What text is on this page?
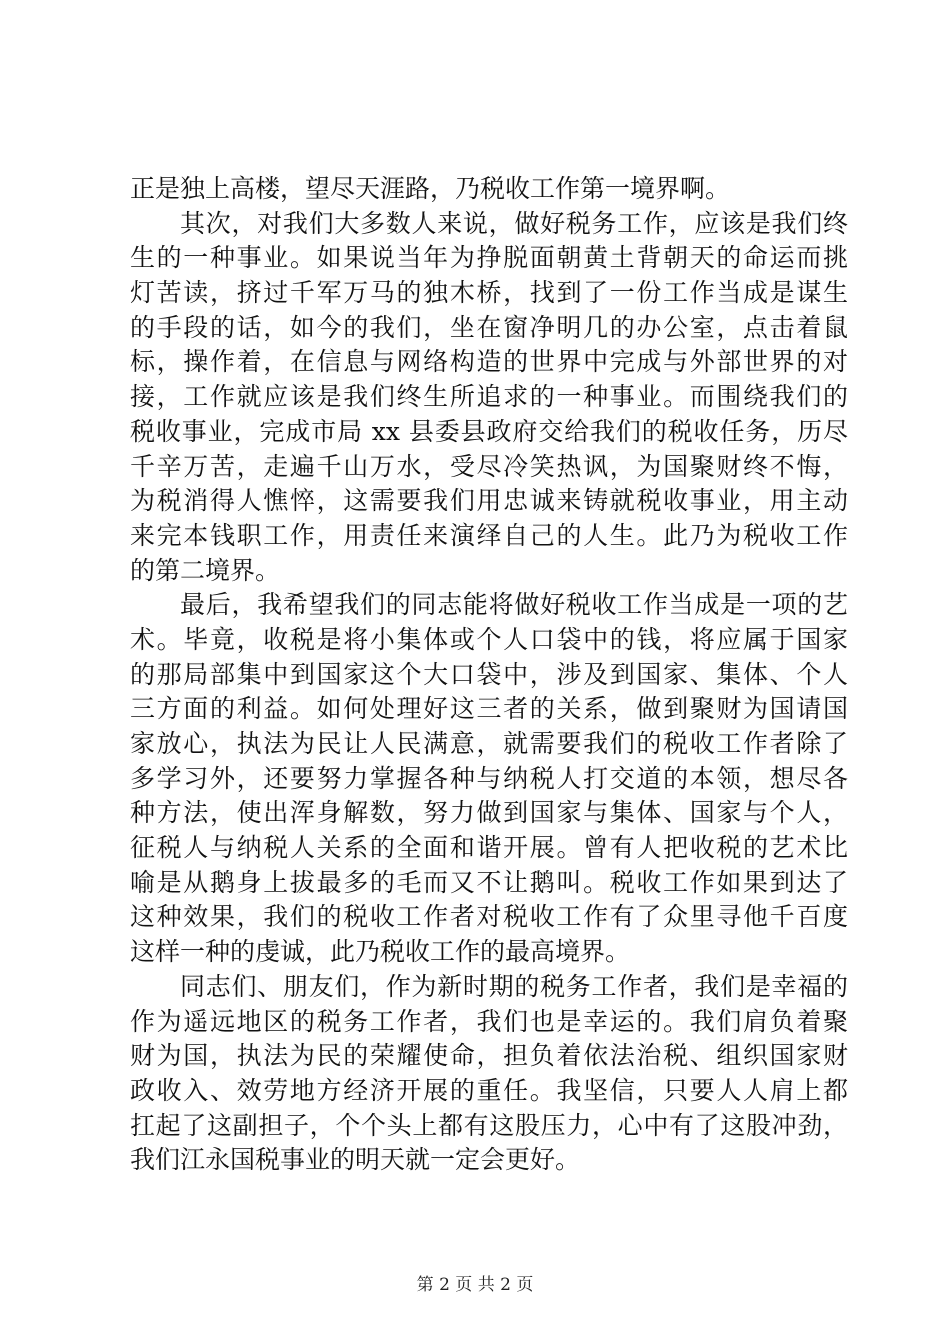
正是独上高楼，望尽天涯路，乃税收工作第一境界啊。
其次，对我们大多数人来说，做好税务工作，应该是我们终
生的一种事业。如果说当年为挣脱面朝黄土背朝天的命运而挑
灯苦读，挤过千军万马的独木桥，找到了一份工作当成是谋生
的手段的话，如今的我们，坐在窗净明几的办公室，点击着鼠
标，操作着，在信息与网络构造的世界中完成与外部世界的对
接，工作就应该是我们终生所追求的一种事业。而围绕我们的
税收事业，完成市局 xx 县委县政府交给我们的税收任务，历尽
千辛万苦，走遍千山万水，受尽冷笑热讽，为国聚财终不悔，
为税消得人憔悴，这需要我们用忠诚来铸就税收事业，用主动
来完本钱职工作，用责任来演绎自己的人生。此乃为税收工作
的第二境界。
最后，我希望我们的同志能将做好税收工作当成是一项的艺
术。毕竟，收税是将小集体或个人口袋中的钱，将应属于国家
的那局部集中到国家这个大口袋中，涉及到国家、集体、个人
三方面的利益。如何处理好这三者的关系，做到聚财为国请国
家放心，执法为民让人民满意，就需要我们的税收工作者除了
多学习外，还要努力掌握各种与纳税人打交道的本领，想尽各
种方法，使出浑身解数，努力做到国家与集体、国家与个人，
征税人与纳税人关系的全面和谐开展。曾有人把收税的艺术比
喻是从鹅身上拔最多的毛而又不让鹅叫。税收工作如果到达了
这种效果，我们的税收工作者对税收工作有了众里寻他千百度
这样一种的虔诚，此乃税收工作的最高境界。
同志们、朋友们，作为新时期的税务工作者，我们是幸福的
作为遥远地区的税务工作者，我们也是幸运的。我们肩负着聚
财为国，执法为民的荣耀使命，担负着依法治税、组织国家财
政收入、效劳地方经济开展的重任。我坚信，只要人人肩上都
扛起了这副担子，个个头上都有这股压力，心中有了这股冲劲，
我们江永国税事业的明天就一定会更好。
第 2 页 共 2 页
